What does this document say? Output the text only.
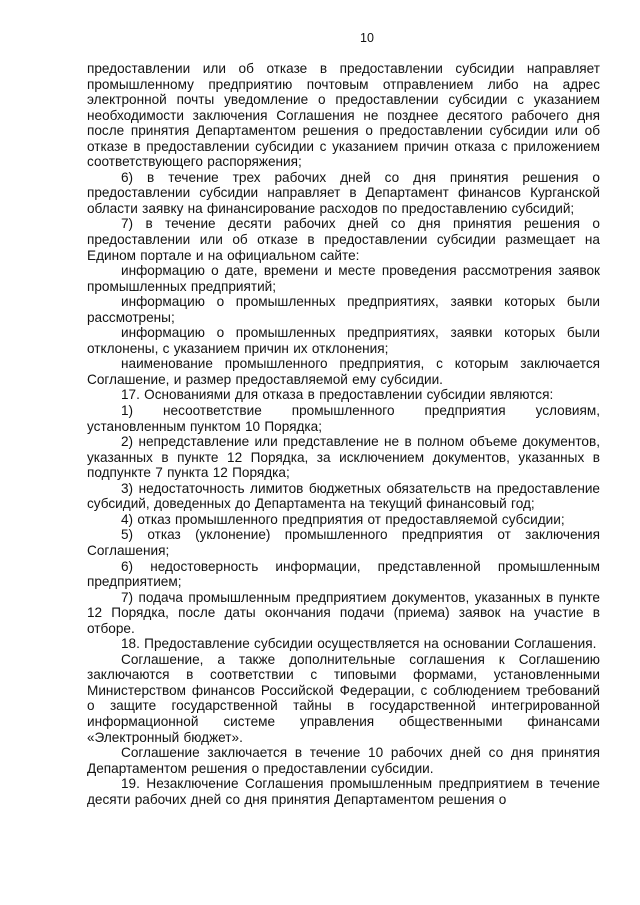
10

предоставлении или об отказе в предоставлении субсидии направляет промышленному предприятию почтовым отправлением либо на адрес электронной почты уведомление о предоставлении субсидии с указанием необходимости заключения Соглашения не позднее десятого рабочего дня после принятия Департаментом решения о предоставлении субсидии или об отказе в предоставлении субсидии с указанием причин отказа с приложением соответствующего распоряжения;

6) в течение трех рабочих дней со дня принятия решения о предоставлении субсидии направляет в Департамент финансов Курганской области заявку на финансирование расходов по предоставлению субсидий;

7) в течение десяти рабочих дней со дня принятия решения о предоставлении или об отказе в предоставлении субсидии размещает на Едином портале и на официальном сайте:

информацию о дате, времени и месте проведения рассмотрения заявок промышленных предприятий;

информацию о промышленных предприятиях, заявки которых были рассмотрены;

информацию о промышленных предприятиях, заявки которых были отклонены, с указанием причин их отклонения;

наименование промышленного предприятия, с которым заключается Соглашение, и размер предоставляемой ему субсидии.

17. Основаниями для отказа в предоставлении субсидии являются:

1) несоответствие промышленного предприятия условиям, установленным пунктом 10 Порядка;

2) непредставление или представление не в полном объеме документов, указанных в пункте 12 Порядка, за исключением документов, указанных в подпункте 7 пункта 12 Порядка;

3) недостаточность лимитов бюджетных обязательств на предоставление субсидий, доведенных до Департамента на текущий финансовый год;

4) отказ промышленного предприятия от предоставляемой субсидии;

5) отказ (уклонение) промышленного предприятия от заключения Соглашения;

6) недостоверность информации, представленной промышленным предприятием;

7) подача промышленным предприятием документов, указанных в пункте 12 Порядка, после даты окончания подачи (приема) заявок на участие в отборе.

18. Предоставление субсидии осуществляется на основании Соглашения.

Соглашение, а также дополнительные соглашения к Соглашению заключаются в соответствии с типовыми формами, установленными Министерством финансов Российской Федерации, с соблюдением требований о защите государственной тайны в государственной интегрированной информационной системе управления общественными финансами «Электронный бюджет».

Соглашение заключается в течение 10 рабочих дней со дня принятия Департаментом решения о предоставлении субсидии.

19. Незаключение Соглашения промышленным предприятием в течение десяти рабочих дней со дня принятия Департаментом решения о
